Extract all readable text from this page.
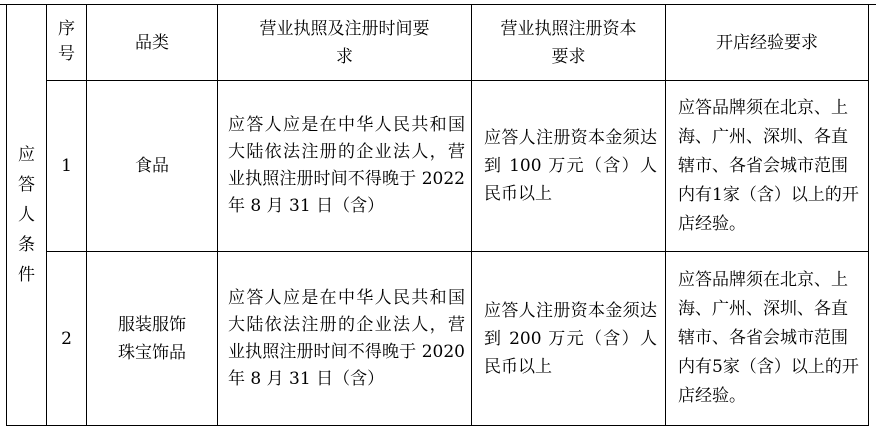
应
答
人
条
件	序号	品类	营业执照及注册时间要求	营业执照注册资本要求	开店经验要求
	1	食品	应答人应是在中华人民共和国大陆依法注册的企业法人，营业执照注册时间不得晚于 2022 年 8 月 31 日（含）	应答人注册资本金须达到 100 万元（含）人民币以上	应答品牌须在北京、上海、广州、深圳、各直辖市、各省会城市范围内有1家（含）以上的开店经验。
	2	服装服饰珠宝饰品	应答人应是在中华人民共和国大陆依法注册的企业法人，营业执照注册时间不得晚于 2020 年 8 月 31 日（含）	应答人注册资本金须达到 200 万元（含）人民币以上	应答品牌须在北京、上海、广州、深圳、各直辖市、各省会城市范围内有5家（含）以上的开店经验。
